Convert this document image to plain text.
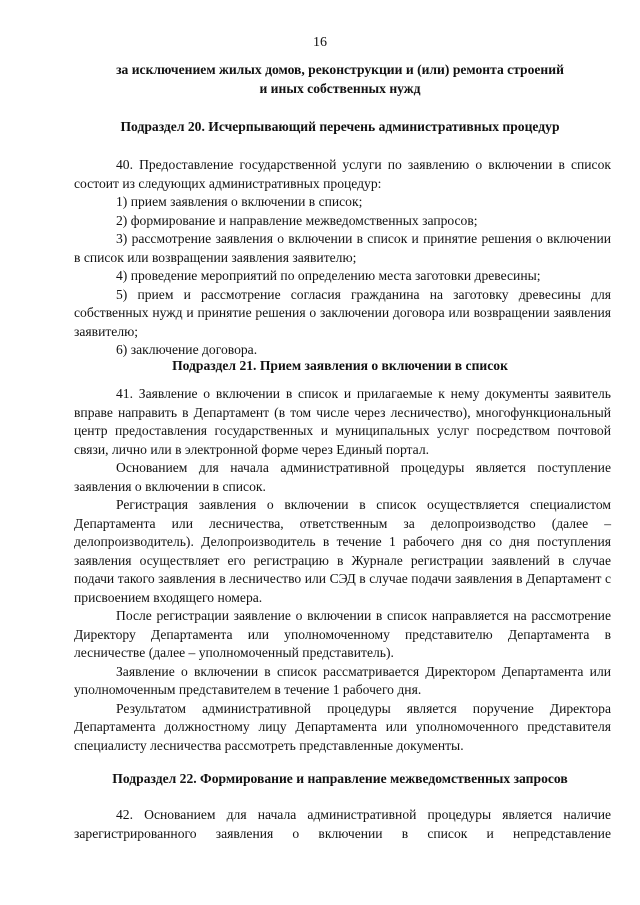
16
за исключением жилых домов, реконструкции и (или) ремонта строений
и иных собственных нужд
Подраздел 20. Исчерпывающий перечень административных процедур

40. Предоставление государственной услуги по заявлению о включении в список состоит из следующих административных процедур:

1) прием заявления о включении в список;

2) формирование и направление межведомственных запросов;

3) рассмотрение заявления о включении в список и принятие решения о включении в список или возвращении заявления заявителю;

4) проведение мероприятий по определению места заготовки древесины;

5) прием и рассмотрение согласия гражданина на заготовку древесины для собственных нужд и принятие решения о заключении договора или возвращении заявления заявителю;

6) заключение договора.

Подраздел 21. Прием заявления о включении в список

41. Заявление о включении в список и прилагаемые к нему документы заявитель вправе направить в Департамент (в том числе через лесничество), многофункциональный центр предоставления государственных и муниципальных услуг посредством почтовой связи, лично или в электронной форме через Единый портал.

Основанием для начала административной процедуры является поступление заявления о включении в список.

Регистрация заявления о включении в список осуществляется специалистом Департамента или лесничества, ответственным за делопроизводство (далее – делопроизводитель). Делопроизводитель в течение 1 рабочего дня со дня поступления заявления осуществляет его регистрацию в Журнале регистрации заявлений в случае подачи такого заявления в лесничество или СЭД в случае подачи заявления в Департамент с присвоением входящего номера.

После регистрации заявление о включении в список направляется на рассмотрение Директору Департамента или уполномоченному представителю Департамента в лесничестве (далее – уполномоченный представитель).

Заявление о включении в список рассматривается Директором Департамента или уполномоченным представителем в течение 1 рабочего дня.

Результатом административной процедуры является поручение Директора Департамента должностному лицу Департамента или уполномоченного представителя специалисту лесничества рассмотреть представленные документы.

Подраздел 22. Формирование и направление межведомственных запросов

42. Основанием для начала административной процедуры является наличие зарегистрированного заявления о включении в список и непредставление
